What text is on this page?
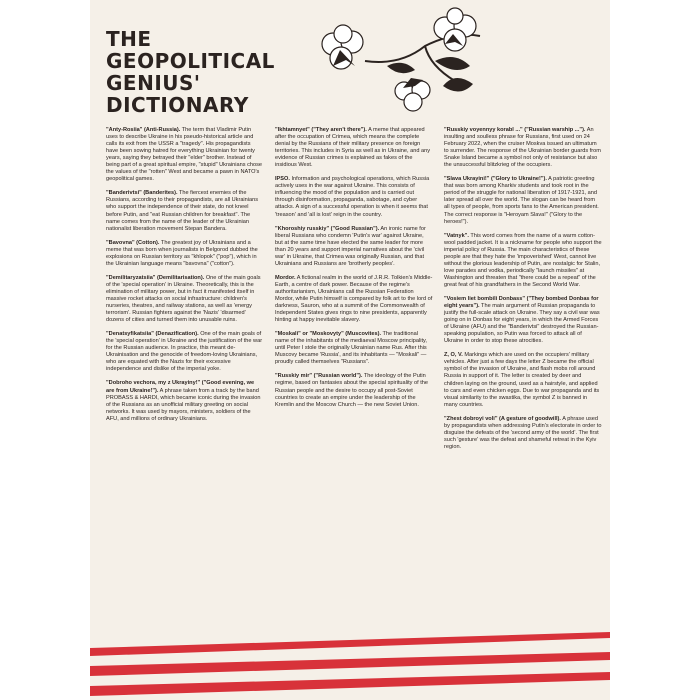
THE
GEOPOLITICAL
GENIUS'
DICTIONARY

"Anty-Rosiia" (Anti-Russia). The term that Vladimir Putin uses to describe Ukraine in his pseudo-historical article and calls its exit from the USSR a "tragedy". His propagandists have been sowing hatred for everything Ukrainian for twenty years, saying they betrayed their "elder" brother. Instead of being part of a great spiritual empire, "stupid" Ukrainians chose the values of the "rotten" West and became a pawn in NATO's geopolitical games.

"Banderivtsi" (Banderites). The fiercest enemies of the Russians, according to their propagandists, are all Ukrainians who support the independence of their state, do not kneel before Putin, and "eat Russian children for breakfast". The name comes from the name of the leader of the Ukrainian nationalist liberation movement Stepan Bandera.

"Bavovna" (Cotton). The greatest joy of Ukrainians and a meme that was born when journalists in Belgorod dubbed the explosions on Russian territory as "khlopok" ("pop"), which in the Ukrainian language means "bavovna" ("cotton").

"Demilitaryzatsiia" (Demilitarisation). One of the main goals of the 'special operation' in Ukraine. Theoretically, this is the elimination of military power, but in fact it manifested itself in massive rocket attacks on social infrastructure: children's nurseries, theatres, and railway stations, as well as 'energy terrorism'. Russian fighters against the 'Nazis' 'disarmed' dozens of cities and turned them into unusable ruins.

"Denatsyfikatsiia" (Denazification). One of the main goals of the 'special operation' in Ukraine and the justification of the war for the Russian audience. In practice, this meant de-Ukrainisation and the genocide of freedom-loving Ukrainians, who are equated with the Nazis for their excessive independence and dislike of the imperial yoke.

"Dobroho vechora, my z Ukrayiny!" ("Good evening, we are from Ukraine!"). A phrase taken from a track by the band PROBASS & HARDI, which became iconic during the invasion of the Russians as an unofficial military greeting on social networks. It was used by mayors, ministers, soldiers of the AFU, and millions of ordinary Ukrainians.

"Ikhtamnyet" ("They aren't there"). A meme that appeared after the occupation of Crimea, which means the complete denial by the Russians of their military presence on foreign territories. This includes in Syria as well as in Ukraine, and any evidence of Russian crimes is explained as fakes of the insidious West.

IPSO. Information and psychological operations, which Russia actively uses in the war against Ukraine. This consists of influencing the mood of the population and is carried out through disinformation, propaganda, sabotage, and cyber attacks. A sign of a successful operation is when it seems that 'treason' and 'all is lost' reign in the country.

"Khoroshiy russkiy" ("Good Russian"). An ironic name for liberal Russians who condemn 'Putin's war' against Ukraine, but at the same time have elected the same leader for more than 20 years and support imperial narratives about the 'civil war' in Ukraine, that Crimea was originally Russian, and that Ukrainians and Russians are 'brotherly peoples'.

Mordor. A fictional realm in the world of J.R.R. Tolkien's Middle-Earth, a centre of dark power. Because of the regime's authoritarianism, Ukrainians call the Russian Federation Mordor, while Putin himself is compared by folk art to the lord of darkness, Sauron, who at a summit of the Commonwealth of Independent States gives rings to nine presidents, apparently hinting at happy inevitable slavery.

"Moskali" or "Moskovyty" (Muscovites). The traditional name of the inhabitants of the mediaeval Moscow principality, until Peter I stole the originally Ukrainian name Rus. After this Muscovy became 'Russia', and its inhabitants — "Moskali" — proudly called themselves "Russians".

"Russkiy mir" ("Russian world"). The ideology of the Putin regime, based on fantasies about the special spirituality of the Russian people and the desire to occupy all post-Soviet countries to create an empire under the leadership of the Kremlin and the Moscow Church — the new Soviet Union.

"Russkiy voyennyy korabl ..." ("Russian warship ..."). An insulting and soulless phrase for Russians, first used on 24 February 2022, when the cruiser Moskva issued an ultimatum to surrender. The response of the Ukrainian border guards from Snake Island became a symbol not only of resistance but also the unsuccessful blitzkrieg of the occupiers.

"Slava Ukrayini!" ("Glory to Ukraine!"). A patriotic greeting that was born among Kharkiv students and took root in the period of the struggle for national liberation of 1917-1921, and later spread all over the world. The slogan can be heard from all types of people, from sports fans to the American president. The correct response is "Heroyam Slava!" ("Glory to the heroes!").

"Vatnyk". This word comes from the name of a warm cotton-wool padded jacket. It is a nickname for people who support the imperial policy of Russia. The main characteristics of these people are that they hate the 'impoverished' West, cannot live without the glorious leadership of Putin, are nostalgic for Stalin, love parades and vodka, periodically "launch missiles" at Washington and threaten that "there could be a repeat" of the great feat of his grandfathers in the Second World War.

"Vosiem liet bombili Donbass" ("They bombed Donbas for eight years"). The main argument of Russian propaganda to justify the full-scale attack on Ukraine. They say a civil war was going on in Donbas for eight years, in which the Armed Forces of Ukraine (AFU) and the "Banderivtsi" destroyed the Russian-speaking population, so Putin was forced to attack all of Ukraine in order to stop these atrocities.

Z, O, V. Markings which are used on the occupiers' military vehicles. After just a few days the letter Z became the official symbol of the invasion of Ukraine, and flash mobs roll around Russia in support of it. The letter is created by deer and children laying on the ground, used as a hairstyle, and applied to cars and even chicken eggs. Due to war propaganda and its visual similarity to the swastika, the symbol Z is banned in many countries.

"Zhest dobroyi voli" (A gesture of goodwill). A phrase used by propagandists when addressing Putin's electorate in order to disguise the defeats of the 'second army of the world'. The first such 'gesture' was the defeat and shameful retreat in the Kyiv region.
